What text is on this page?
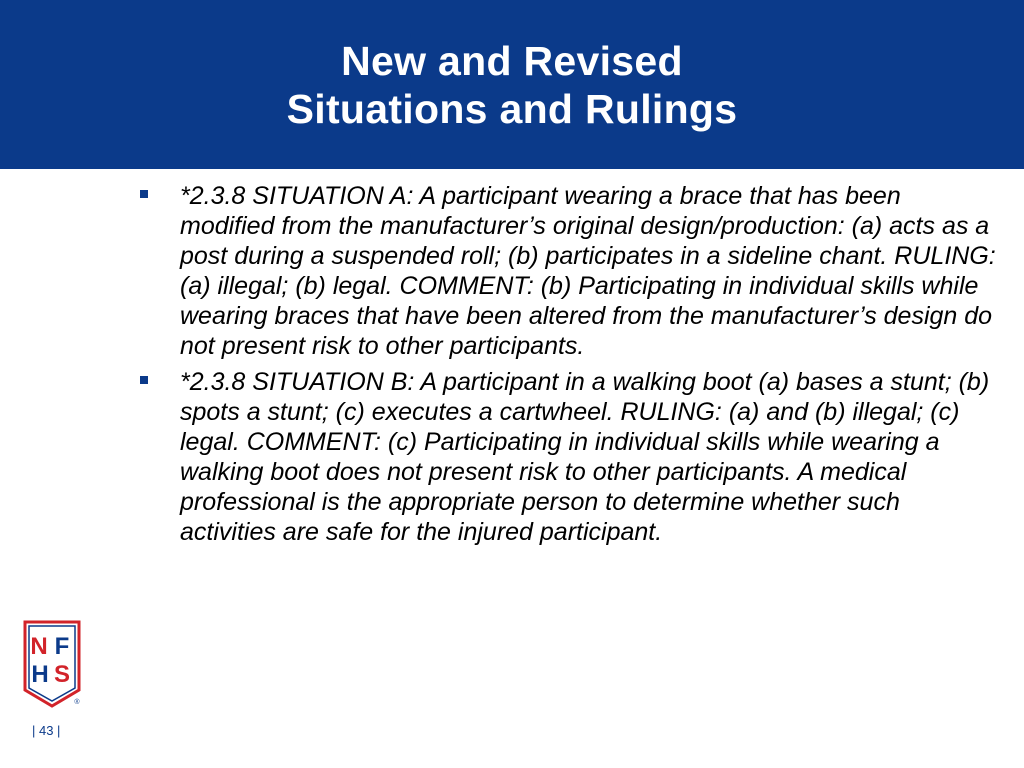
New and Revised
Situations and Rulings
*2.3.8 SITUATION A: A participant wearing a brace that has been modified from the manufacturer’s original design/production: (a) acts as a post during a suspended roll; (b) participates in a sideline chant. RULING: (a) illegal; (b) legal. COMMENT: (b) Participating in individual skills while wearing braces that have been altered from the manufacturer’s design do not present risk to other participants.
*2.3.8 SITUATION B: A participant in a walking boot (a) bases a stunt; (b) spots a stunt; (c) executes a cartwheel. RULING: (a) and (b) illegal; (c) legal. COMMENT: (c) Participating in individual skills while wearing a walking boot does not present risk to other participants. A medical professional is the appropriate person to determine whether such activities are safe for the injured participant.
N F
H S
®
| 43 |
